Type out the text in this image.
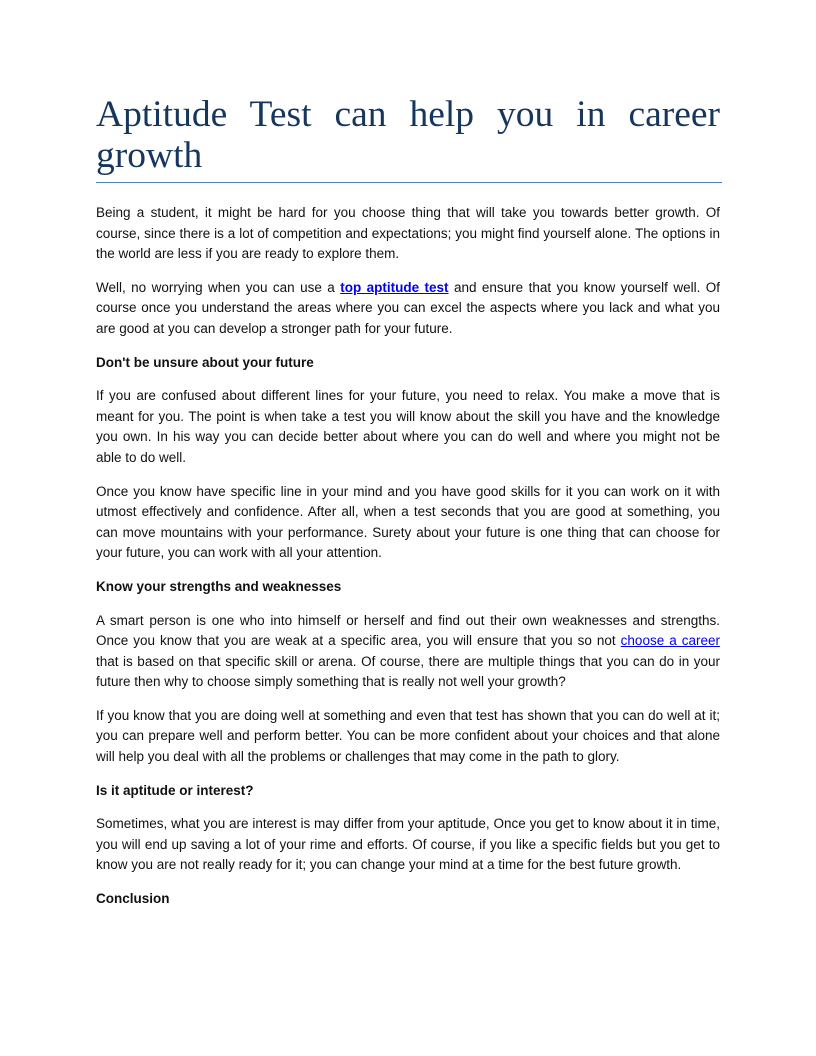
Aptitude Test can help you in career growth

Being a student, it might be hard for you choose thing that will take you towards better growth. Of course, since there is a lot of competition and expectations; you might find yourself alone. The options in the world are less if you are ready to explore them.

Well, no worrying when you can use a top aptitude test and ensure that you know yourself well. Of course once you understand the areas where you can excel the aspects where you lack and what you are good at you can develop a stronger path for your future.

Don't be unsure about your future

If you are confused about different lines for your future, you need to relax. You make a move that is meant for you. The point is when take a test you will know about the skill you have and the knowledge you own. In his way you can decide better about where you can do well and where you might not be able to do well.

Once you know have specific line in your mind and you have good skills for it you can work on it with utmost effectively and confidence. After all, when a test seconds that you are good at something, you can move mountains with your performance. Surety about your future is one thing that can choose for your future, you can work with all your attention.

Know your strengths and weaknesses

A smart person is one who into himself or herself and find out their own weaknesses and strengths. Once you know that you are weak at a specific area, you will ensure that you so not choose a career that is based on that specific skill or arena. Of course, there are multiple things that you can do in your future then why to choose simply something that is really not well your growth?

If you know that you are doing well at something and even that test has shown that you can do well at it; you can prepare well and perform better. You can be more confident about your choices and that alone will help you deal with all the problems or challenges that may come in the path to glory.

Is it aptitude or interest?

Sometimes, what you are interest is may differ from your aptitude, Once you get to know about it in time, you will end up saving a lot of your rime and efforts. Of course, if you like a specific fields but you get to know you are not really ready for it; you can change your mind at a time for the best future growth.

Conclusion
